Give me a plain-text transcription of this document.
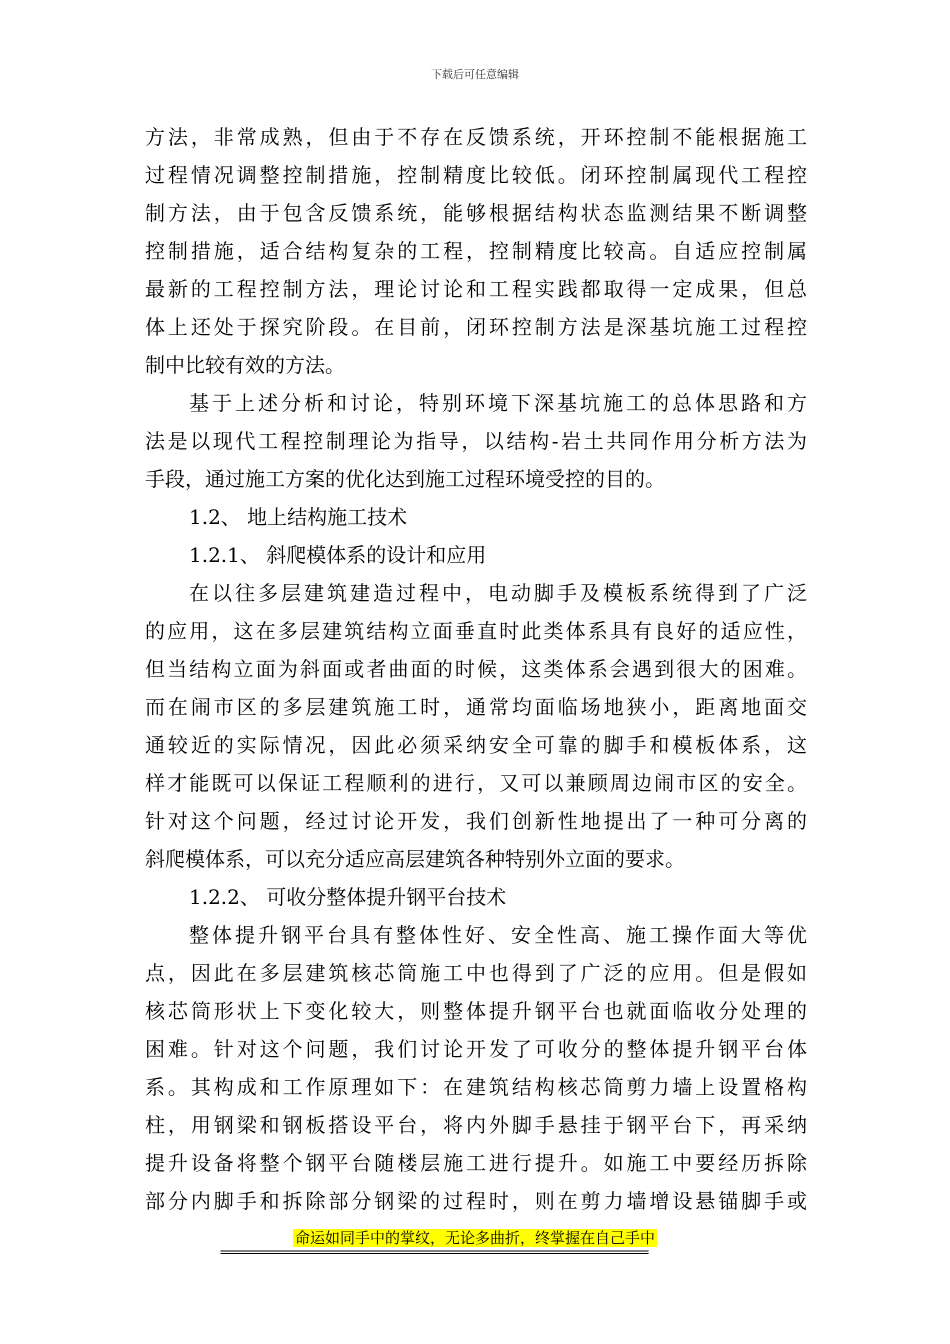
下载后可任意编辑
方法，非常成熟，但由于不存在反馈系统，开环控制不能根据施工
过程情况调整控制措施，控制精度比较低。闭环控制属现代工程控
制方法，由于包含反馈系统，能够根据结构状态监测结果不断调整
控制措施，适合结构复杂的工程，控制精度比较高。自适应控制属
最新的工程控制方法，理论讨论和工程实践都取得一定成果，但总
体上还处于探究阶段。在目前，闭环控制方法是深基坑施工过程控
制中比较有效的方法。
基于上述分析和讨论，特别环境下深基坑施工的总体思路和方
法是以现代工程控制理论为指导，以结构-岩土共同作用分析方法为
手段，通过施工方案的优化达到施工过程环境受控的目的。
1.2、 地上结构施工技术
1.2.1、 斜爬模体系的设计和应用
在以往多层建筑建造过程中，电动脚手及模板系统得到了广泛
的应用，这在多层建筑结构立面垂直时此类体系具有良好的适应性，
但当结构立面为斜面或者曲面的时候，这类体系会遇到很大的困难。
而在闹市区的多层建筑施工时，通常均面临场地狭小，距离地面交
通较近的实际情况，因此必须采纳安全可靠的脚手和模板体系，这
样才能既可以保证工程顺利的进行，又可以兼顾周边闹市区的安全。
针对这个问题，经过讨论开发，我们创新性地提出了一种可分离的
斜爬模体系，可以充分适应高层建筑各种特别外立面的要求。
1.2.2、 可收分整体提升钢平台技术
整体提升钢平台具有整体性好、安全性高、施工操作面大等优
点，因此在多层建筑核芯筒施工中也得到了广泛的应用。但是假如
核芯筒形状上下变化较大，则整体提升钢平台也就面临收分处理的
困难。针对这个问题，我们讨论开发了可收分的整体提升钢平台体
系。其构成和工作原理如下：在建筑结构核芯筒剪力墙上设置格构
柱，用钢梁和钢板搭设平台，将内外脚手悬挂于钢平台下，再采纳
提升设备将整个钢平台随楼层施工进行提升。如施工中要经历拆除
部分内脚手和拆除部分钢梁的过程时，则在剪力墙增设悬锚脚手或
命运如同手中的掌纹，无论多曲折，终掌握在自己手中
============================================================================
